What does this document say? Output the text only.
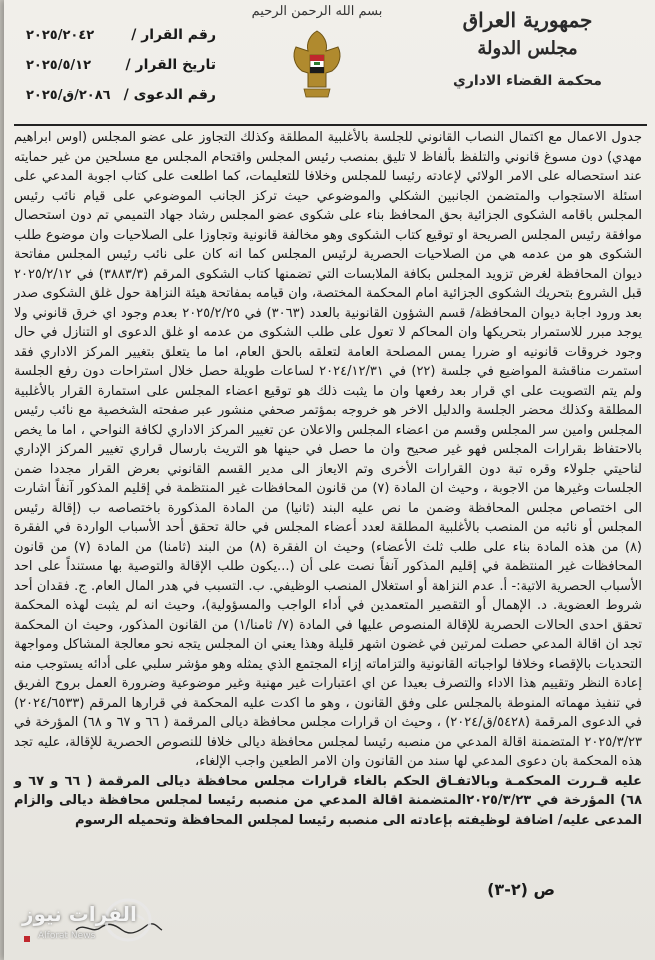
جمهورية العراق
مجلس الدولة
محكمة القضاء الاداري
بسم الله الرحمن الرحيم
رقم القرار /
٢٠٢٥/٢٠٤٢
تاريخ القرار /
٢٠٢٥/٥/١٢
رقم الدعوى /
٢٠٨٦/ق/٢٠٢٥

جدول الاعمال مع اكتمال النصاب القانوني للجلسة بالأغلبية المطلقة وكذلك التجاوز على عضو المجلس (اوس ابراهيم مهدي) دون مسوغ قانوني والتلفظ بألفاظ لا تليق بمنصب رئيس المجلس واقتحام المجلس مع مسلحين من غير حمايته عند استحصاله على الامر الولائي لإعادته رئيسا للمجلس وخلافا للتعليمات، كما اطلعت على كتاب اجوبة المدعي على اسئلة الاستجواب والمتضمن الجانبين الشكلي والموضوعي حيث تركز الجانب الموضوعي على قيام نائب رئيس المجلس باقامه الشكوى الجزائية بحق المحافظ بناء على شكوى عضو المجلس رشاد جهاد التميمي تم دون استحصال موافقة رئيس المجلس الصريحة او توقيع كتاب الشكوى وهو مخالفة قانونية وتجاوزا على الصلاحيات وان موضوع طلب الشكوى هو من عدمه هي من الصلاحيات الحصرية لرئيس المجلس كما انه كان على نائب رئيس المجلس مفاتحة ديوان المحافظة لغرض تزويد المجلس بكافة الملابسات التي تضمنها كتاب الشكوى المرقم (٣٨٨٣/٣) في ٢٠٢٥/٢/١٢ قبل الشروع بتحريك الشكوى الجزائية امام المحكمة المختصة، وان قيامه بمفاتحة هيئة النزاهة حول غلق الشكوى صدر بعد ورود اجابة ديوان المحافظة/ قسم الشؤون القانونية بالعدد (٣٠٦٣) في ٢٠٢٥/٢/٢٥ بعدم وجود اي خرق قانوني ولا يوجد مبرر للاستمرار بتحريكها وان المحاكم لا تعول على طلب الشكوى من عدمه او غلق الدعوى او التنازل في حال وجود خروقات قانونيه او ضررا يمس المصلحة العامة لتعلقه بالحق العام، اما ما يتعلق بتغيير المركز الاداري فقد استمرت مناقشة المواضيع في جلسة (٢٢) في ٢٠٢٤/١٢/٣١ لساعات طويلة حصل خلال استراحات دون رفع الجلسة ولم يتم التصويت على اي قرار بعد رفعها وان ما يثبت ذلك هو توقيع اعضاء المجلس على استمارة القرار بالأغلبية المطلقة وكذلك محضر الجلسة والدليل الاخر هو خروجه بمؤتمر صحفي منشور عبر صفحته الشخصية مع نائب رئيس المجلس وامين سر المجلس وقسم من اعضاء المجلس والاعلان عن تغيير المركز الاداري لكافة النواحي ، اما ما يخص بالاحتفاظ بقرارات المجلس فهو غير صحيح وان ما حصل في حينها هو التريث بارسال قراري تغيير المركز الإداري لناحيتي جلولاء وقره تبة دون القرارات الأخرى وتم الايعاز الى مدير القسم القانوني بعرض القرار مجددا ضمن الجلسات وغيرها من الاجوبة ، وحيث ان المادة (٧) من قانون المحافظات غير المنتظمة في إقليم المذكور آنفاً اشارت الى اختصاص مجلس المحافظة وضمن ما نص عليه البند (ثانيا) من المادة المذكورة باختصاصه ب (إقالة رئيس المجلس أو نائبه من المنصب بالأغلبية المطلقة لعدد أعضاء المجلس في حالة تحقق أحد الأسباب الواردة في الفقرة (٨) من هذه المادة بناء على طلب ثلث الأعضاء) وحيث ان الفقرة (٨) من البند (ثامنا) من المادة (٧) من قانون المحافظات غير المنتظمة في إقليم المذكور آنفاً نصت على أن (...يكون طلب الإقالة والتوصية بها مستنداً على احد الأسباب الحصرية الاتية:- أ. عدم النزاهة أو استغلال المنصب الوظيفي. ب. التسبب في هدر المال العام. ج. فقدان أحد شروط العضوية. د. الإهمال أو التقصير المتعمدين في أداء الواجب والمسؤولية)، وحيث انه لم يثبت لهذه المحكمة تحقق احدى الحالات الحصرية للإقالة المنصوص عليها في المادة (٧/ ثامنا/١) من القانون المذكور، وحيث ان المحكمة تجد ان اقالة المدعي حصلت لمرتين في غضون اشهر قليلة وهذا يعني ان المجلس يتجه نحو معالجة المشاكل ومواجهة التحديات بالإقصاء وخلافا لواجباته القانونية والتزاماته إزاء المجتمع الذي يمثله وهو مؤشر سلبي على أدائه يستوجب منه إعادة النظر وتقييم هذا الاداء والتصرف بعيدا عن اي اعتبارات غير مهنية وغير موضوعية وضرورة العمل بروح الفريق في تنفيذ مهماته المنوطة بالمجلس على وفق القانون ، وهو ما اكدت عليه المحكمة في قرارها المرقم (٢٠٢٤/٦٥٣٣) في الدعوى المرقمة (٥٤٢٨/ق/٢٠٢٤) ، وحيث ان قرارات مجلس محافظة ديالى المرقمة ( ٦٦ و ٦٧ و ٦٨) المؤرخة في ٢٠٢٥/٣/٢٣ المتضمنة اقالة المدعي من منصبه رئيسا لمجلس محافظة ديالى خلافا للنصوص الحصرية للإقالة، عليه تجد هذه المحكمة بان دعوى المدعي لها سند من القانون وان الامر الطعين واجب الإلغاء،

عليه قـررت المحكمـة وبالاتفـاق الحكم بالغاء قرارات مجلس محافظة ديالى المرقمة ( ٦٦ و ٦٧ و ٦٨) المؤرخة في ٢٠٢٥/٣/٢٣المتضمنة اقالة المدعي من منصبه رئيسا لمجلس محافظة ديالى والزام المدعى عليه/ اضافة لوظيفته بإعادته الى منصبه رئيسا لمجلس المحافظة وتحميله الرسوم

ص (٢-٣)
الفرات نيوز
Alforat News
